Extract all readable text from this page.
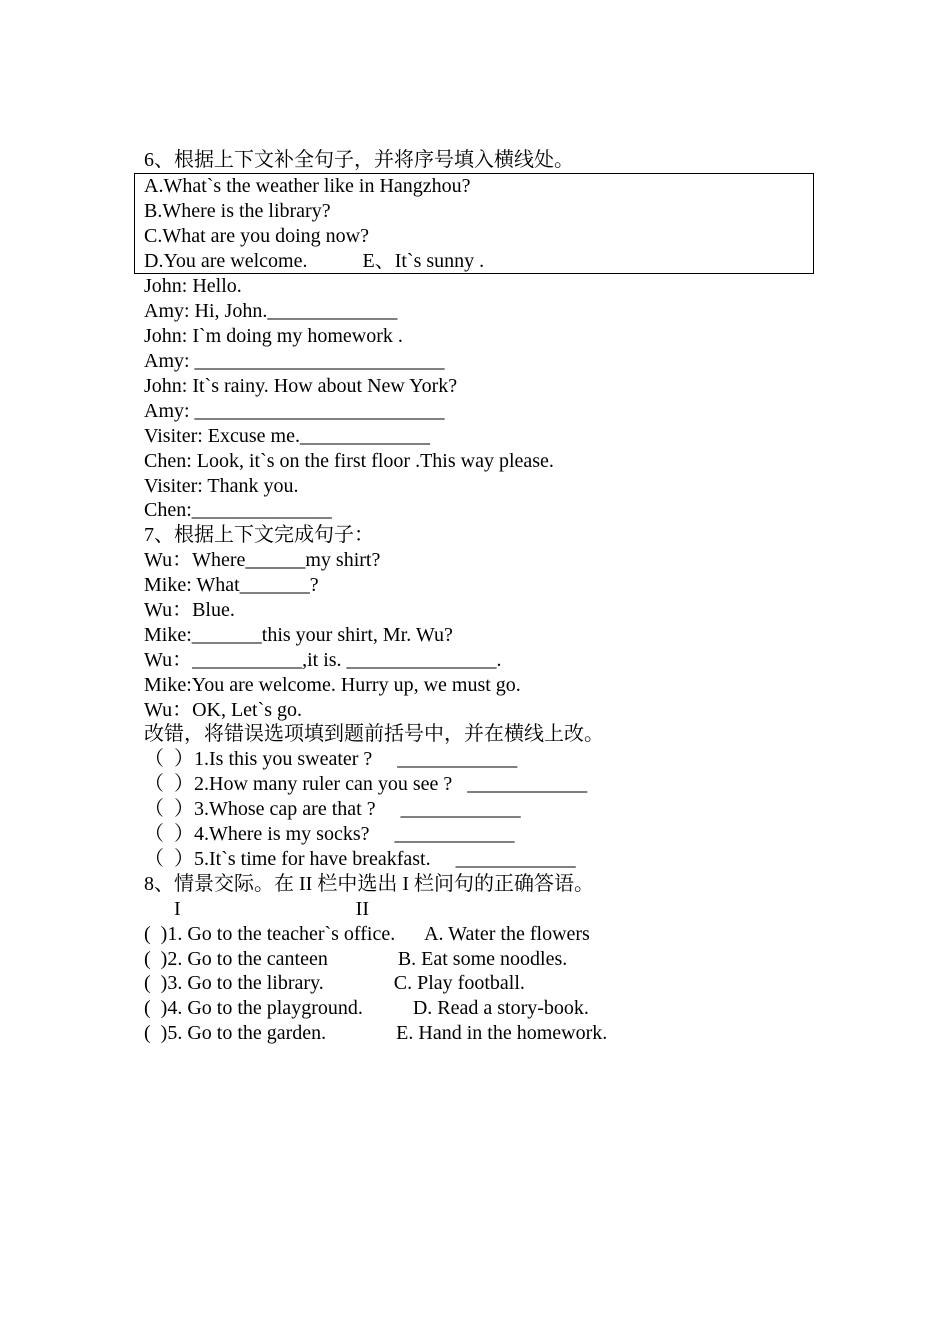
6、根据上下文补全句子，并将序号填入横线处。
A.What`s the weather like in Hangzhou?
B.Where is the library?
C.What are you doing now?
D.You are welcome.           E、It`s sunny .
John: Hello.
Amy: Hi, John._____________
John: I`m doing my homework .
Amy: _________________________
John: It`s rainy. How about New York?
Amy: _________________________
Visiter: Excuse me._____________
Chen: Look, it`s on the first floor .This way please.
Visiter: Thank you.
Chen:______________
7、根据上下文完成句子：
Wu：Where______my shirt?
Mike: What_______?
Wu：Blue.
Mike:_______this your shirt, Mr. Wu?
Wu：___________,it is. _______________.
Mike:You are welcome. Hurry up, we must go.
Wu：OK, Let`s go.
改错，将错误选项填到题前括号中，并在横线上改。
（  ）1.Is this you sweater ?     ____________
（  ）2.How many ruler can you see ?   ____________
（  ）3.Whose cap are that ?     ____________
（  ）4.Where is my socks?     ____________
（  ）5.It`s time for have breakfast.     ____________
8、情景交际。在 II 栏中选出 I 栏问句的正确答语。
I                                   II
(  )1. Go to the teacher`s office.      A. Water the flowers
(  )2. Go to the canteen              B. Eat some noodles.
(  )3. Go to the library.              C. Play football.
(  )4. Go to the playground.          D. Read a story-book.
(  )5. Go to the garden.              E. Hand in the homework.
